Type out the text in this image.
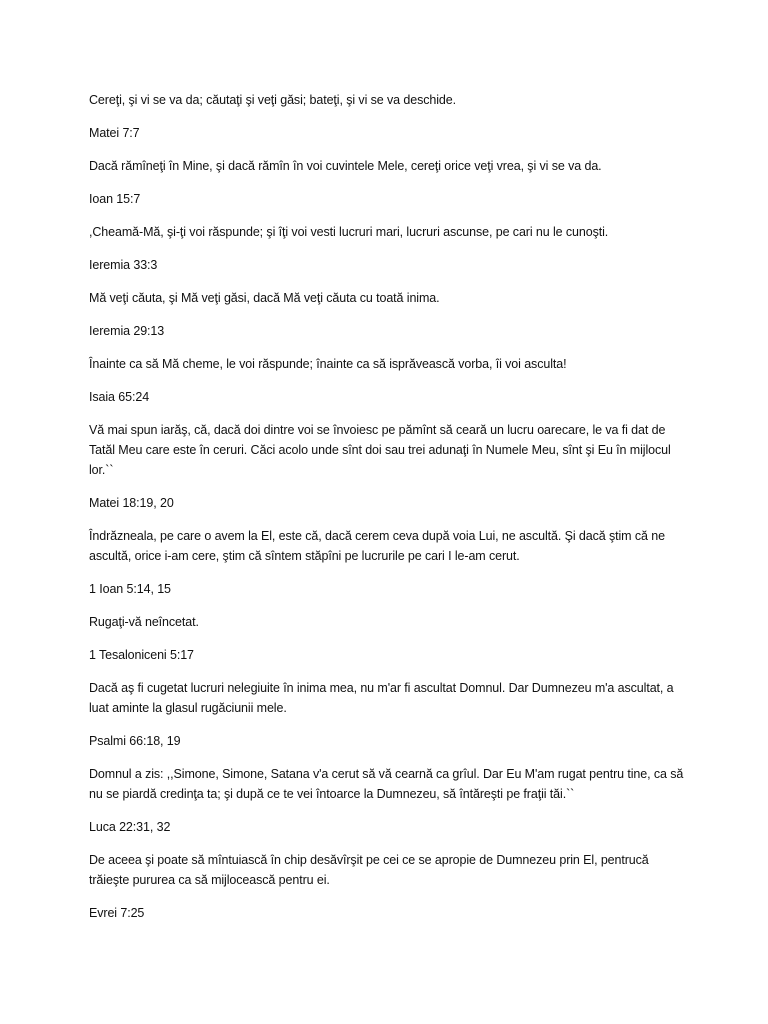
Cereţi, şi vi se va da; căutaţi şi veţi găsi; bateţi, şi vi se va deschide.

Matei 7:7

Dacă rămîneţi în Mine, şi dacă rămîn în voi cuvintele Mele, cereţi orice veţi vrea, şi vi se va da.

Ioan 15:7

,Cheamă-Mă, şi-ţi voi răspunde; şi îţi voi vesti lucruri mari, lucruri ascunse, pe cari nu le cunoşti.

Ieremia 33:3

Mă veţi căuta, şi Mă veţi găsi, dacă Mă veţi căuta cu toată inima.

Ieremia 29:13

Înainte ca să Mă cheme, le voi răspunde; înainte ca să isprăvească vorba, îi voi asculta!

Isaia 65:24

Vă mai spun iarăş, că, dacă doi dintre voi se învoiesc pe pămînt să ceară un lucru oarecare, le va fi dat de Tatăl Meu care este în ceruri. Căci acolo unde sînt doi sau trei adunaţi în Numele Meu, sînt şi Eu în mijlocul lor.``

Matei 18:19, 20

Îndrăzneala, pe care o avem la El, este că, dacă cerem ceva după voia Lui, ne ascultă. Şi dacă ştim că ne ascultă, orice i-am cere, ştim că sîntem stăpîni pe lucrurile pe cari I le-am cerut.

1 Ioan 5:14, 15

Rugaţi-vă neîncetat.

1 Tesaloniceni 5:17

Dacă aş fi cugetat lucruri nelegiuite în inima mea, nu m'ar fi ascultat Domnul. Dar Dumnezeu m'a ascultat, a luat aminte la glasul rugăciunii mele.

Psalmi 66:18, 19

Domnul a zis: ,,Simone, Simone, Satana v'a cerut să vă cearnă ca grîul. Dar Eu M'am rugat pentru tine, ca să nu se piardă credinţa ta; şi după ce te vei întoarce la Dumnezeu, să întăreşti pe fraţii tăi.``

Luca 22:31, 32

De aceea şi poate să mîntuiască în chip desăvîrşit pe cei ce se apropie de Dumnezeu prin El, pentrucă trăieşte pururea ca să mijlocească pentru ei.

Evrei 7:25
